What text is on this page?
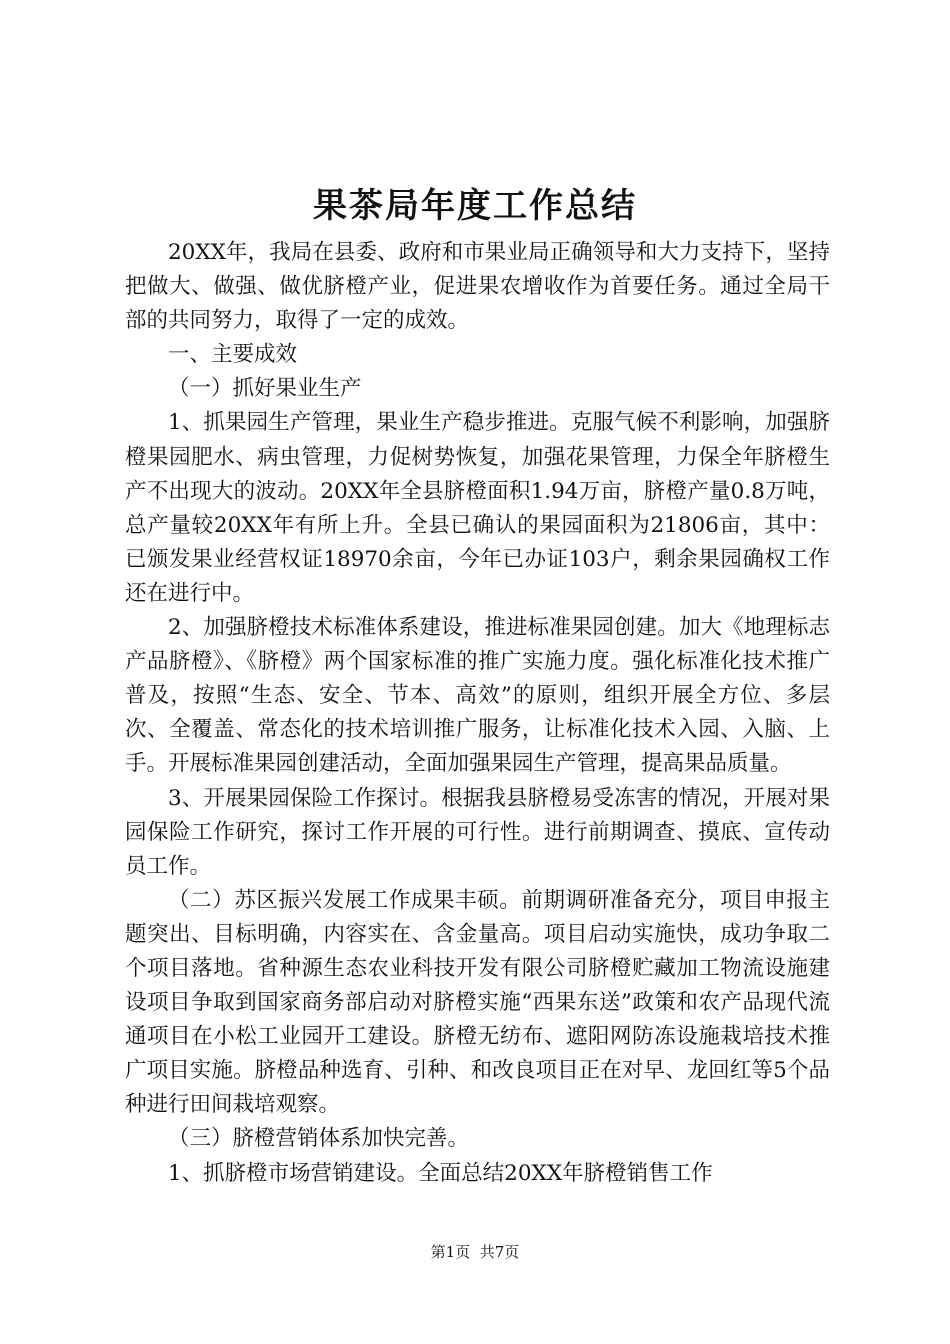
果茶局年度工作总结

20XX年，我局在县委、政府和市果业局正确领导和大力支持下，坚持把做大、做强、做优脐橙产业，促进果农增收作为首要任务。通过全局干部的共同努力，取得了一定的成效。

一、主要成效

（一）抓好果业生产

1、抓果园生产管理，果业生产稳步推进。克服气候不利影响，加强脐橙果园肥水、病虫管理，力促树势恢复，加强花果管理，力保全年脐橙生产不出现大的波动。20XX年全县脐橙面积1.94万亩，脐橙产量0.8万吨，总产量较20XX年有所上升。全县已确认的果园面积为21806亩，其中：已颁发果业经营权证18970余亩，今年已办证103户，剩余果园确权工作还在进行中。

2、加强脐橙技术标准体系建设，推进标准果园创建。加大《地理标志产品脐橙》、《脐橙》两个国家标准的推广实施力度。强化标准化技术推广普及，按照“生态、安全、节本、高效”的原则，组织开展全方位、多层次、全覆盖、常态化的技术培训推广服务，让标准化技术入园、入脑、上手。开展标准果园创建活动，全面加强果园生产管理，提高果品质量。

3、开展果园保险工作探讨。根据我县脐橙易受冻害的情况，开展对果园保险工作研究，探讨工作开展的可行性。进行前期调查、摸底、宣传动员工作。

（二）苏区振兴发展工作成果丰硕。前期调研准备充分，项目申报主题突出、目标明确，内容实在、含金量高。项目启动实施快，成功争取二个项目落地。省种源生态农业科技开发有限公司脐橙贮藏加工物流设施建设项目争取到国家商务部启动对脐橙实施“西果东送”政策和农产品现代流通项目在小松工业园开工建设。脐橙无纺布、遮阳网防冻设施栽培技术推广项目实施。脐橙品种选育、引种、和改良项目正在对早、龙回红等5个品种进行田间栽培观察。

（三）脐橙营销体系加快完善。

1、抓脐橙市场营销建设。全面总结20XX年脐橙销售工作

第1页 共7页
